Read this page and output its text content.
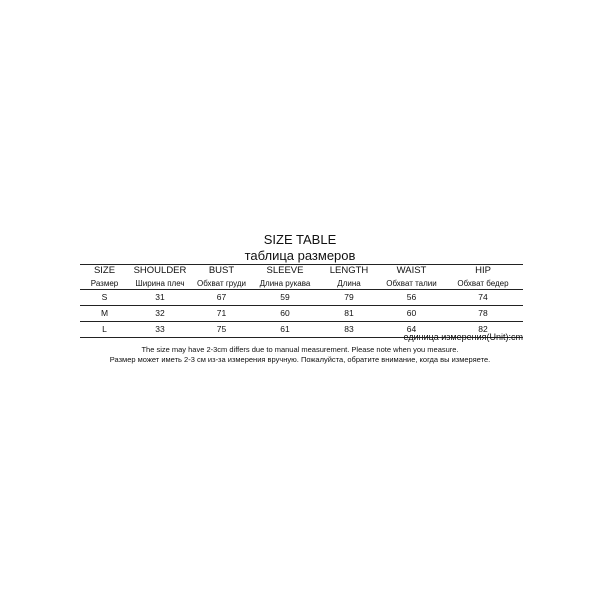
SIZE TABLE
таблица размеров
SIZE	SHOULDER	BUST	SLEEVE	LENGTH	WAIST	HIP
Размер	Ширина плеч	Обхват груди	Длина рукава	Длина	Обхват талии	Обхват бедер
S	31	67	59	79	56	74
M	32	71	60	81	60	78
L	33	75	61	83	64	82
единица измерения(Unit):cm
The size may have 2-3cm differs due to manual measurement. Please note when you measure.
Размер может иметь 2-3 см из-за измерения вручную. Пожалуйста, обратите внимание, когда вы измеряете.
